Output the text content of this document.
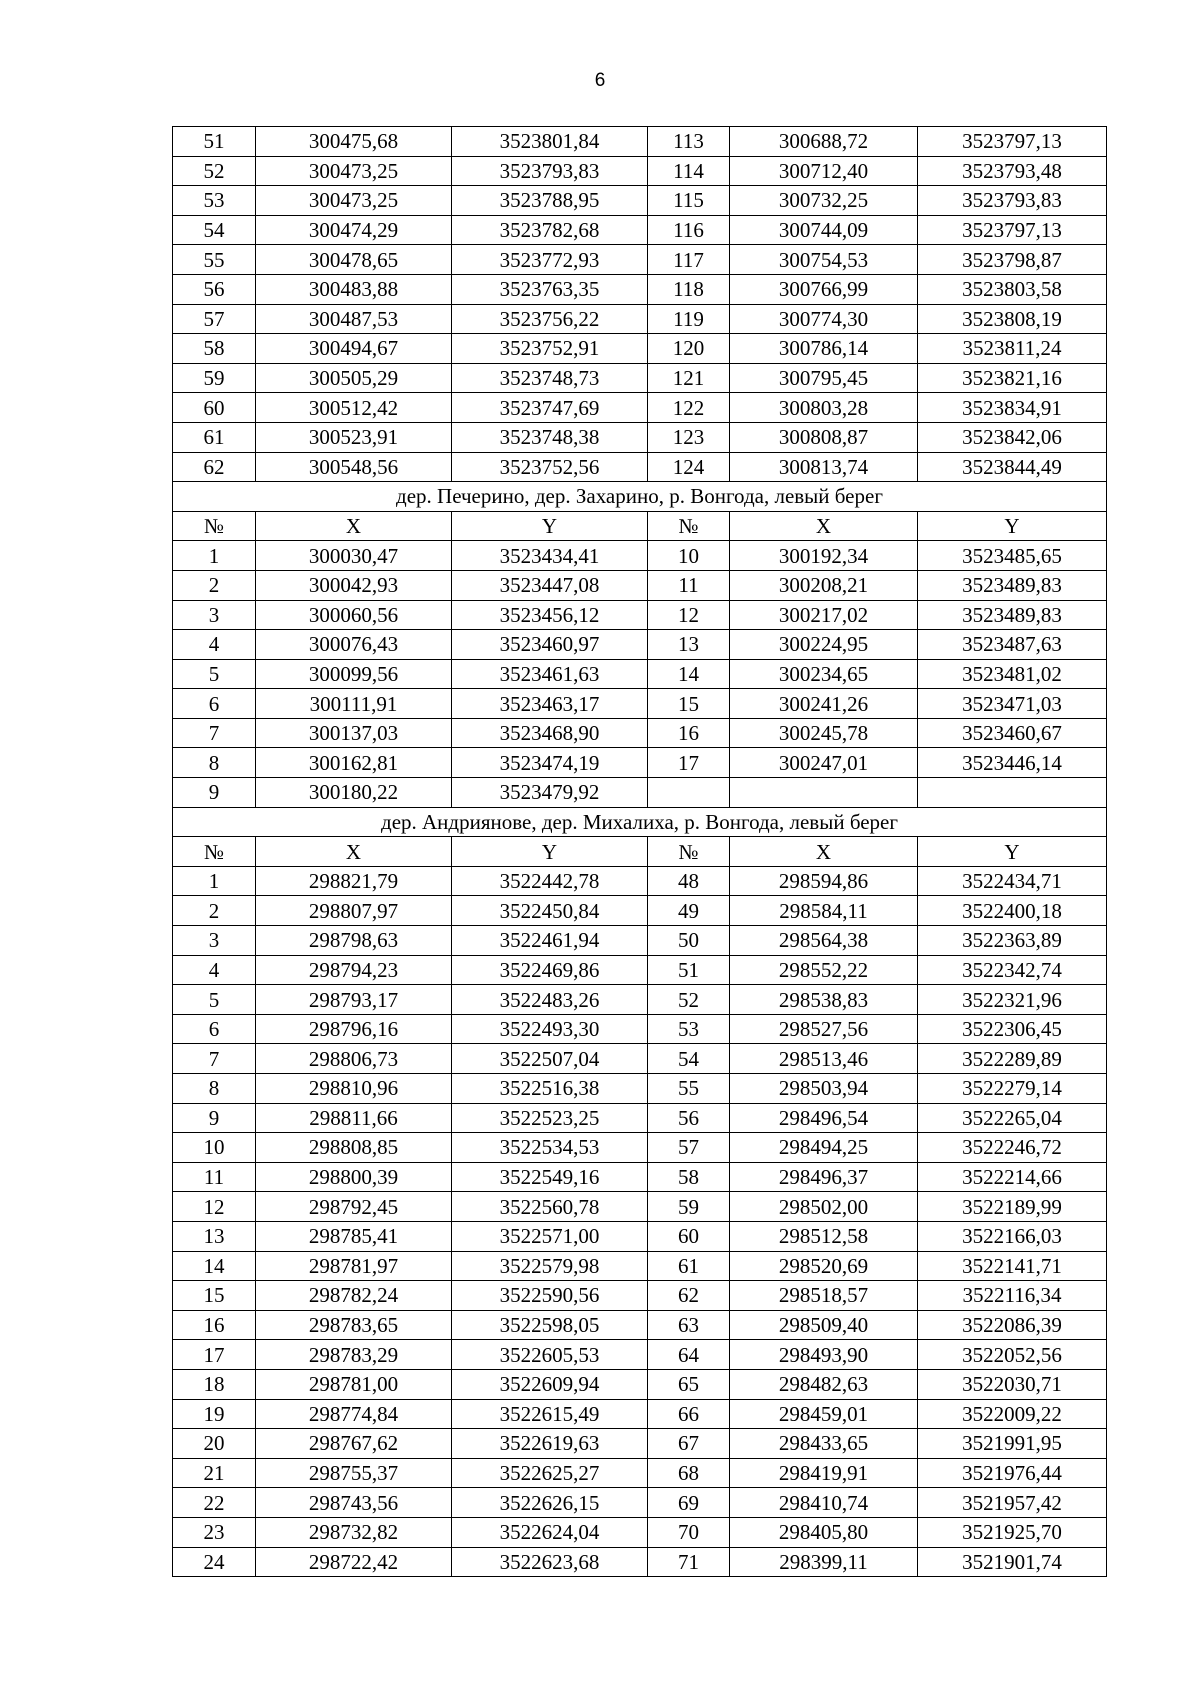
6
51	300475,68	3523801,84	113	300688,72	3523797,13
52	300473,25	3523793,83	114	300712,40	3523793,48
53	300473,25	3523788,95	115	300732,25	3523793,83
54	300474,29	3523782,68	116	300744,09	3523797,13
55	300478,65	3523772,93	117	300754,53	3523798,87
56	300483,88	3523763,35	118	300766,99	3523803,58
57	300487,53	3523756,22	119	300774,30	3523808,19
58	300494,67	3523752,91	120	300786,14	3523811,24
59	300505,29	3523748,73	121	300795,45	3523821,16
60	300512,42	3523747,69	122	300803,28	3523834,91
61	300523,91	3523748,38	123	300808,87	3523842,06
62	300548,56	3523752,56	124	300813,74	3523844,49
дер. Печерино, дер. Захарино, р. Вонгода, левый берег					
№	X	Y	№	X	Y
1	300030,47	3523434,41	10	300192,34	3523485,65
2	300042,93	3523447,08	11	300208,21	3523489,83
3	300060,56	3523456,12	12	300217,02	3523489,83
4	300076,43	3523460,97	13	300224,95	3523487,63
5	300099,56	3523461,63	14	300234,65	3523481,02
6	300111,91	3523463,17	15	300241,26	3523471,03
7	300137,03	3523468,90	16	300245,78	3523460,67
8	300162,81	3523474,19	17	300247,01	3523446,14
9	300180,22	3523479,92			
дер. Андриянове, дер. Михалиха, р. Вонгода, левый берег					
№	X	Y	№	X	Y
1	298821,79	3522442,78	48	298594,86	3522434,71
2	298807,97	3522450,84	49	298584,11	3522400,18
3	298798,63	3522461,94	50	298564,38	3522363,89
4	298794,23	3522469,86	51	298552,22	3522342,74
5	298793,17	3522483,26	52	298538,83	3522321,96
6	298796,16	3522493,30	53	298527,56	3522306,45
7	298806,73	3522507,04	54	298513,46	3522289,89
8	298810,96	3522516,38	55	298503,94	3522279,14
9	298811,66	3522523,25	56	298496,54	3522265,04
10	298808,85	3522534,53	57	298494,25	3522246,72
11	298800,39	3522549,16	58	298496,37	3522214,66
12	298792,45	3522560,78	59	298502,00	3522189,99
13	298785,41	3522571,00	60	298512,58	3522166,03
14	298781,97	3522579,98	61	298520,69	3522141,71
15	298782,24	3522590,56	62	298518,57	3522116,34
16	298783,65	3522598,05	63	298509,40	3522086,39
17	298783,29	3522605,53	64	298493,90	3522052,56
18	298781,00	3522609,94	65	298482,63	3522030,71
19	298774,84	3522615,49	66	298459,01	3522009,22
20	298767,62	3522619,63	67	298433,65	3521991,95
21	298755,37	3522625,27	68	298419,91	3521976,44
22	298743,56	3522626,15	69	298410,74	3521957,42
23	298732,82	3522624,04	70	298405,80	3521925,70
24	298722,42	3522623,68	71	298399,11	3521901,74
